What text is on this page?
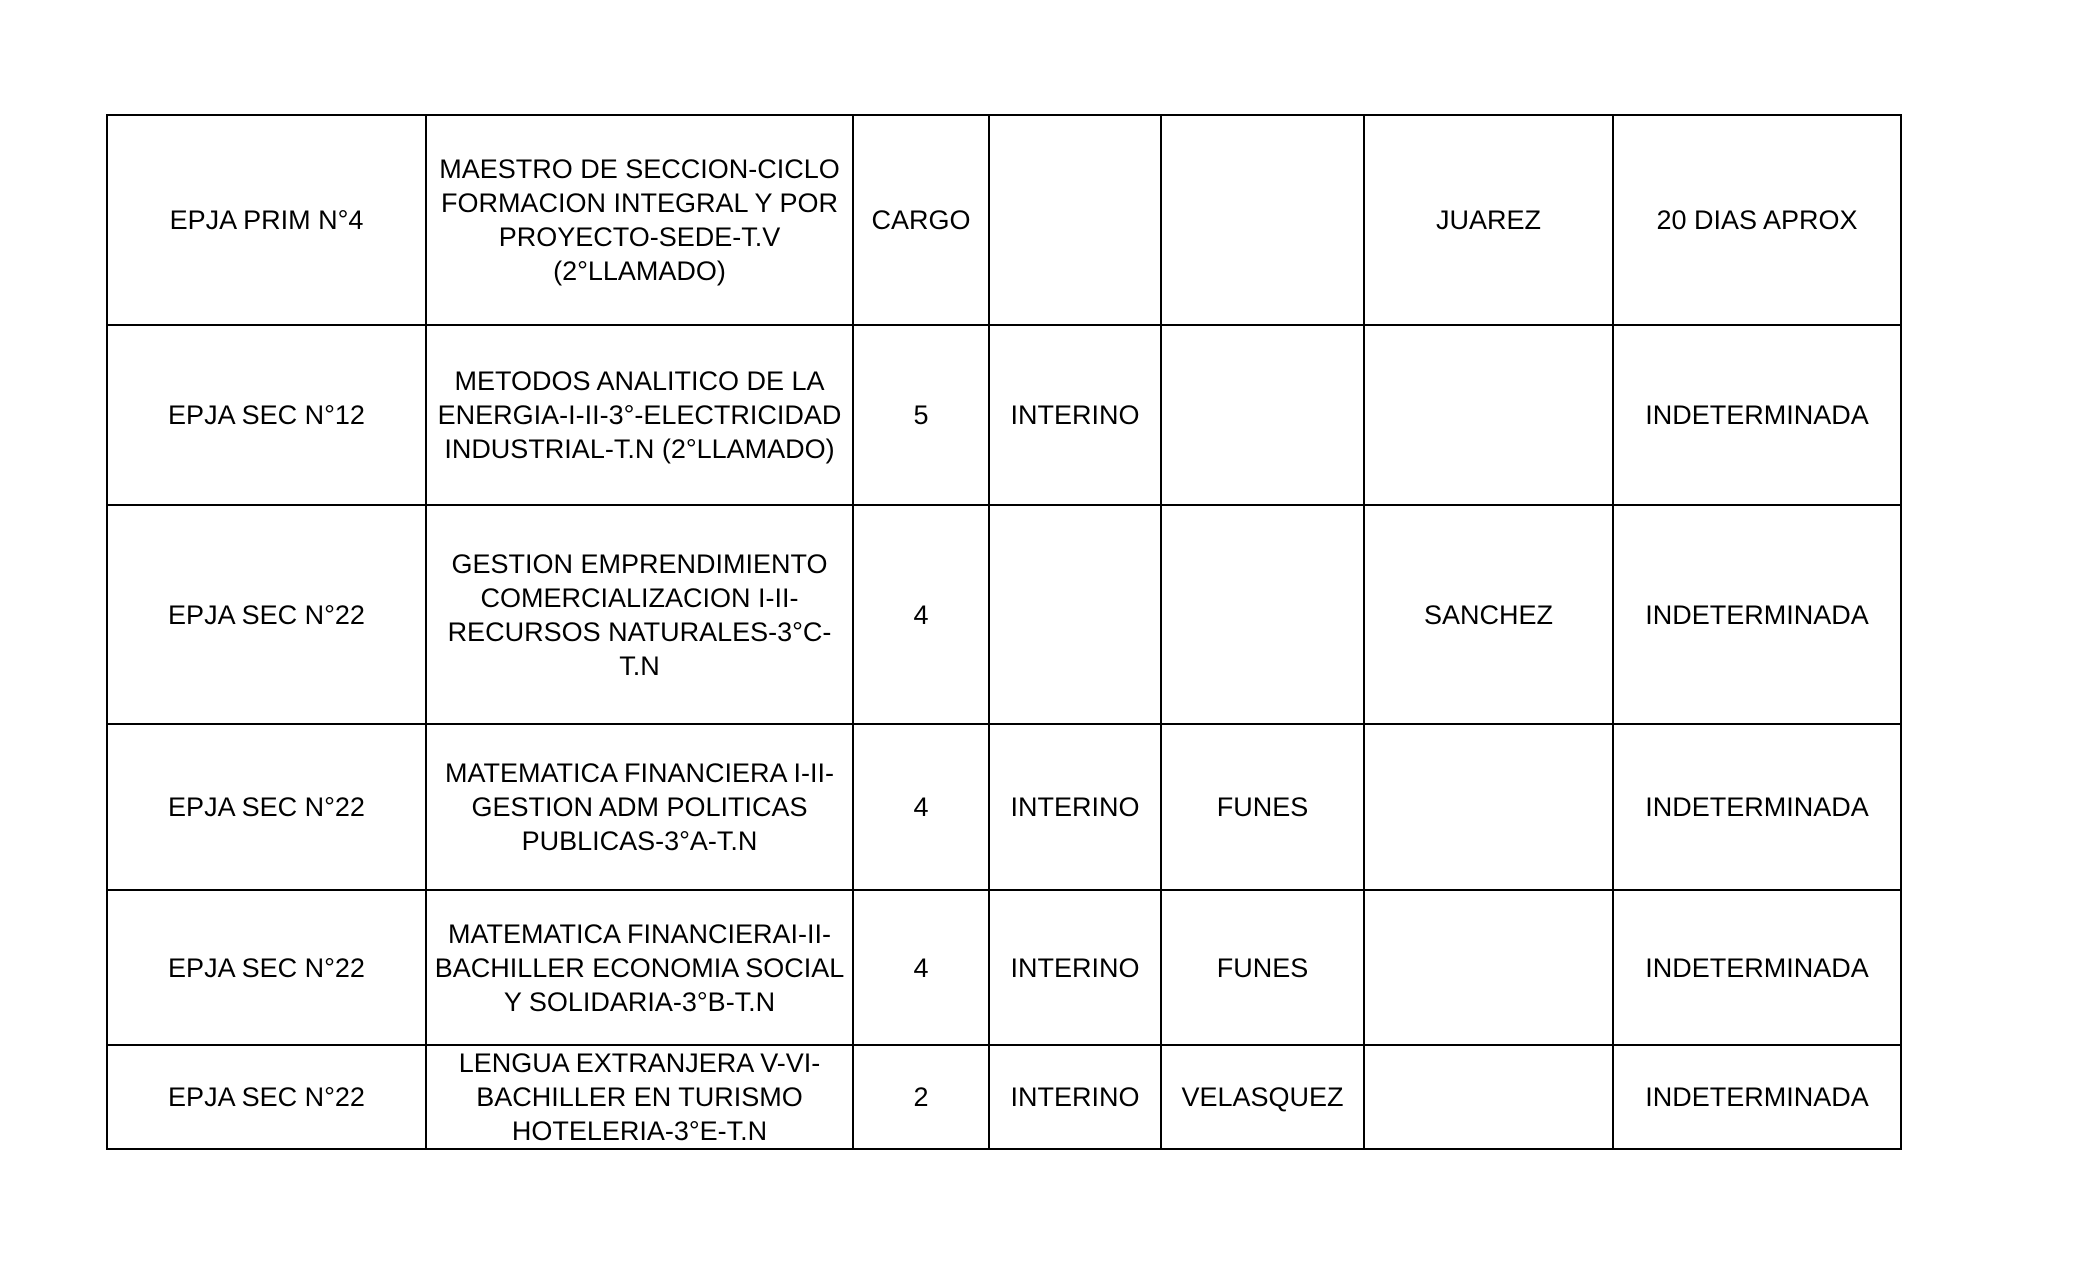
EPJA PRIM N°4	MAESTRO DE SECCION-CICLO
FORMACION INTEGRAL Y POR
PROYECTO-SEDE-T.V
(2°LLAMADO)	CARGO			JUAREZ	20 DIAS APROX
EPJA SEC N°12	METODOS ANALITICO DE LA
ENERGIA-I-II-3°-ELECTRICIDAD
INDUSTRIAL-T.N (2°LLAMADO)	5	INTERINO			INDETERMINADA
EPJA SEC N°22	GESTION EMPRENDIMIENTO
COMERCIALIZACION I-II-
RECURSOS NATURALES-3°C-
T.N	4			SANCHEZ	INDETERMINADA
EPJA SEC N°22	MATEMATICA FINANCIERA I-II-
GESTION ADM POLITICAS
PUBLICAS-3°A-T.N	4	INTERINO	FUNES		INDETERMINADA
EPJA SEC N°22	MATEMATICA FINANCIERAI-II-
BACHILLER ECONOMIA SOCIAL
Y SOLIDARIA-3°B-T.N	4	INTERINO	FUNES		INDETERMINADA
EPJA SEC N°22	LENGUA EXTRANJERA V-VI-
BACHILLER EN TURISMO
HOTELERIA-3°E-T.N	2	INTERINO	VELASQUEZ		INDETERMINADA
